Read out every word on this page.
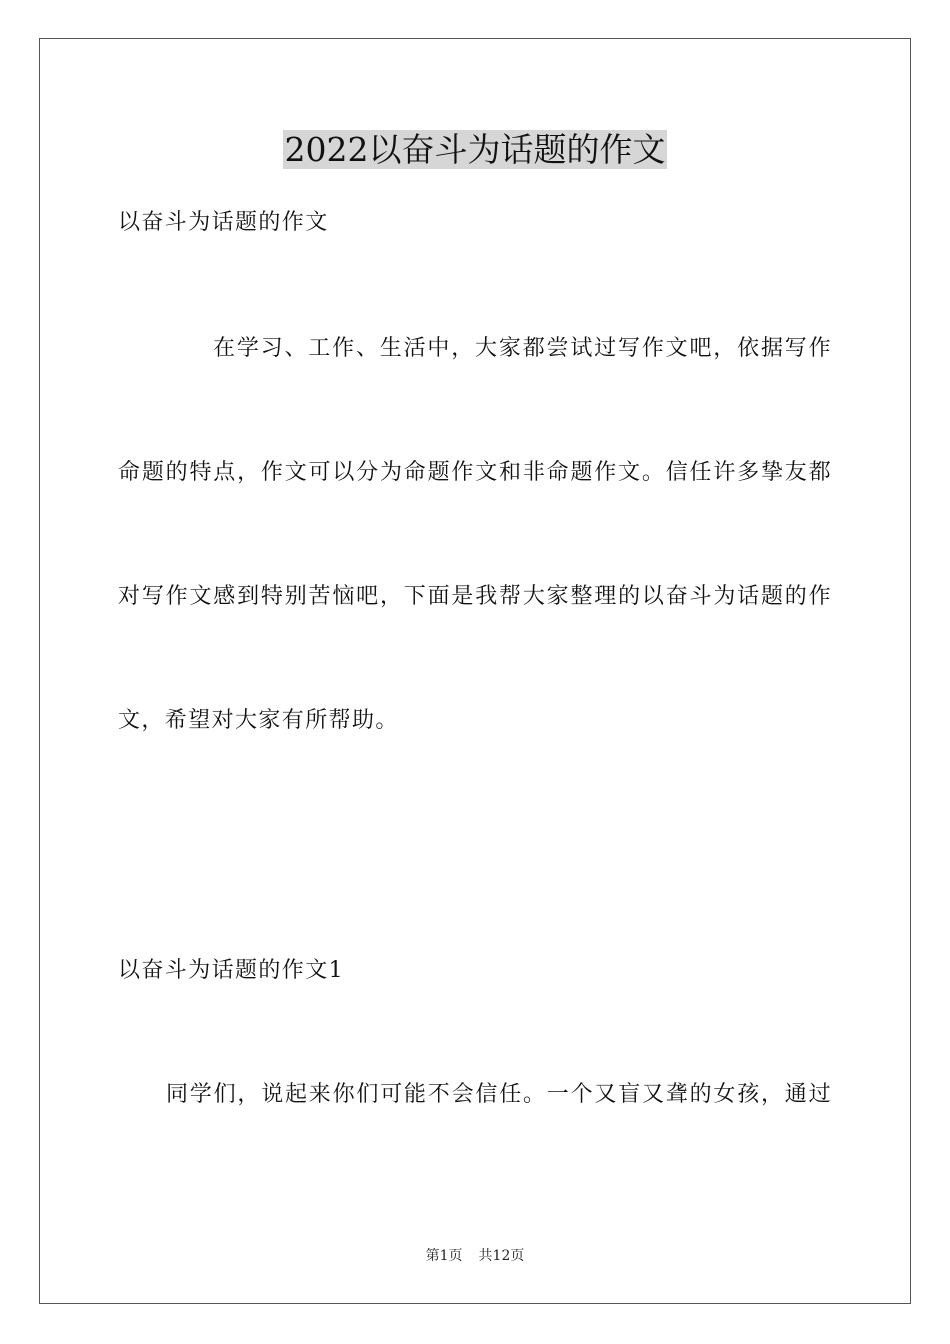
2022以奋斗为话题的作文
以奋斗为话题的作文
在学习、工作、生活中，大家都尝试过写作文吧，依据写作
命题的特点，作文可以分为命题作文和非命题作文。信任许多挚友都
对写作文感到特别苦恼吧，下面是我帮大家整理的以奋斗为话题的作
文，希望对大家有所帮助。
以奋斗为话题的作文1
同学们，说起来你们可能不会信任。一个又盲又聋的女孩，通过
第1页 共12页
